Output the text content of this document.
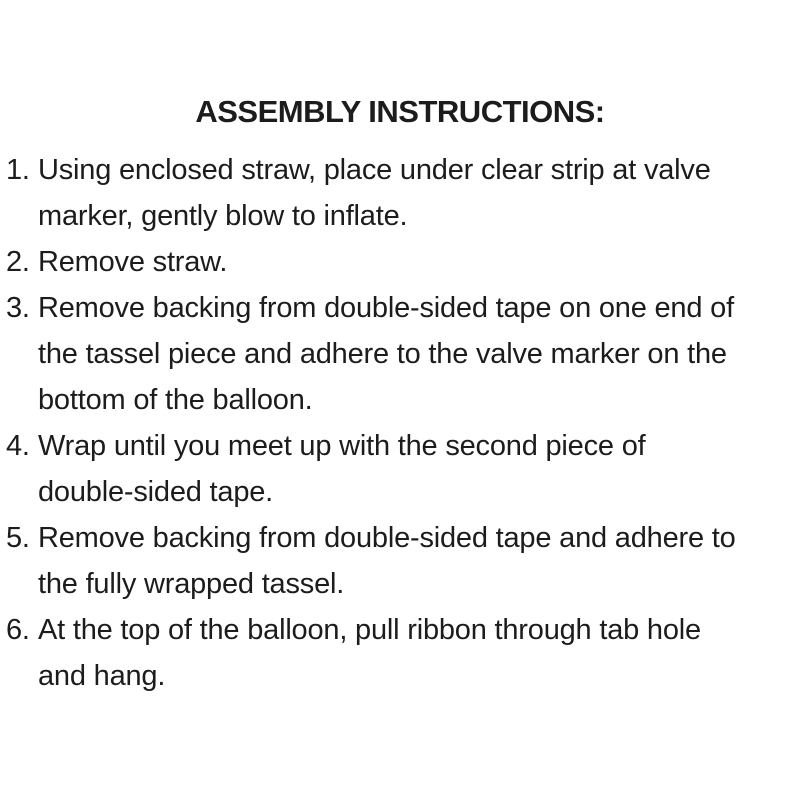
ASSEMBLY INSTRUCTIONS:
1. Using enclosed straw, place under clear strip at valve
marker, gently blow to inflate.
2. Remove straw.
3. Remove backing from double-sided tape on one end of
the tassel piece and adhere to the valve marker on the
bottom of the balloon.
4. Wrap until you meet up with the second piece of
double-sided tape.
5. Remove backing from double-sided tape and adhere to
the fully wrapped tassel.
6. At the top of the balloon, pull ribbon through tab hole
and hang.
